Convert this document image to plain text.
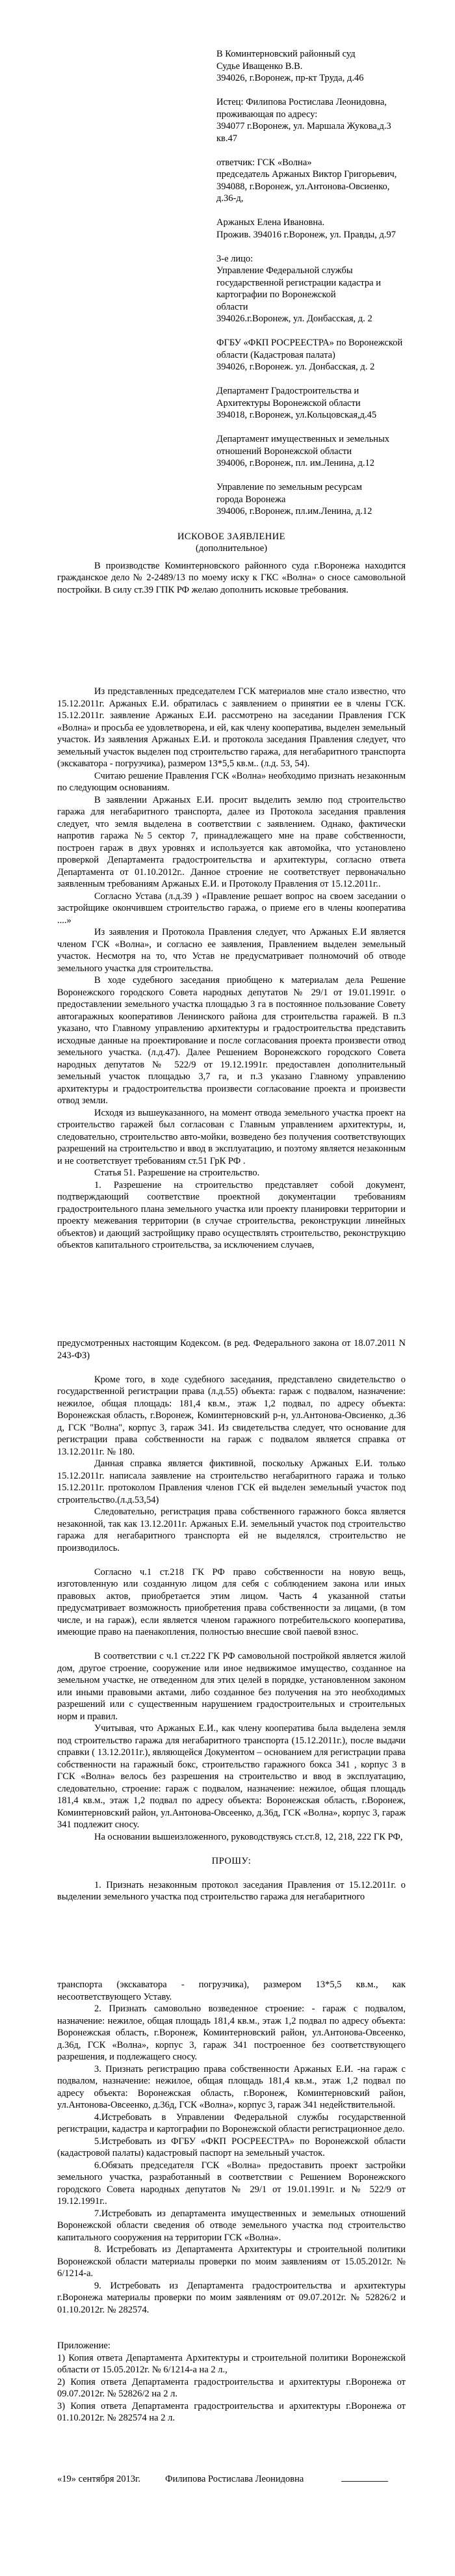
В Коминтерновский районный суд
Судье Иващенко В.В.
394026, г.Воронеж, пр-кт Труда, д.46
Истец: Филипова Ростислава Леонидовна,
проживающая по адресу:
394077 г.Воронеж, ул. Маршала Жукова,д.3
кв.47
ответчик: ГСК «Волна»
председатель Аржаных Виктор Григорьевич,
394088, г.Воронеж, ул.Антонова-Овсиенко,
д.36-д,
Аржаных Елена Ивановна.
Прожив. 394016 г.Воронеж, ул. Правды, д.97
3-е лицо:
Управление Федеральной службы
государственной регистрации кадастра и
картографии по Воронежской
области
394026.г.Воронеж, ул. Донбасская, д. 2
ФГБУ «ФКП РОСРЕЕСТРА» по Воронежской
области (Кадастровая палата)
394026, г.Воронеж. ул. Донбасская, д. 2
Департамент Градостроительства и
Архитектуры Воронежской области
394018, г.Воронеж, ул.Кольцовская,д.45
Департамент имущественных и земельных
отношений Воронежской области
394006, г.Воронеж, пл. им.Ленина, д.12
Управление по земельным ресурсам
города Воронежа
394006, г.Воронеж, пл.им.Ленина, д.12
ИСКОВОЕ ЗАЯВЛЕНИЕ
(дополнительное)

В производстве Коминтерновского районного суда г.Воронежа находится гражданское дело № 2-2489/13 по моему иску к ГКС «Волна» о сносе самовольной постройки. В силу ст.39 ГПК РФ желаю дополнить исковые требования.

Из представленных председателем ГСК материалов мне стало известно, что 15.12.2011г. Аржаных Е.И. обратилась с заявлением о принятии ее в члены ГСК. 15.12.2011г. заявление Аржаных Е.И. рассмотрено на заседании Правления ГСК «Волна» и просьба ее удовлетворена, и ей, как члену кооператива, выделен земельный участок. Из заявления Аржаных Е.И. и протокола заседания Правления следует, что земельный участок выделен под строительство гаража, для негабаритного транспорта (экскаватора - погрузчика), размером 13*5,5 кв.м.. (л.д. 53, 54).

Считаю решение Правления ГСК «Волна» необходимо признать незаконным по следующим основаниям.

В заявлении Аржаных Е.И. просит выделить землю под строительство гаража для негабаритного транспорта, далее из Протокола заседания правления следует, что земля выделена в соответствии с заявлением. Однако, фактически напротив гаража №5 сектор 7, принадлежащего мне на праве собственности, построен гараж в двух уровнях и используется как автомойка, что установлено проверкой Департамента градостроительства и архитектуры, согласно ответа Департамента от 01.10.2012г.. Данное строение не соответствует первоначально заявленным требованиям Аржаных Е.И. и Протоколу Правления от 15.12.2011г..

Согласно Устава (л.д.39 ) «Правление решает вопрос на своем заседании о застройщике окончившем строительство гаража, о приеме его в члены кооператива ....»

Из заявления и Протокола Правления следует, что Аржаных Е.И является членом ГСК «Волна», и согласно ее заявления, Правлением выделен земельный участок. Несмотря на то, что Устав не предусматривает полномочий об отводе земельного участка для строительства.

В ходе судебного заседания приобщено к материалам дела Решение Воронежского городского Совета народных депутатов № 29/1 от 19.01.1991г. о предоставлении земельного участка площадью 3 га в постоянное пользование Совету автогаражных кооперативов Ленинского района для строительства гаражей. В п.3 указано, что Главному управлению архитектуры и градостроительства представить исходные данные на проектирование и после согласования проекта произвести отвод земельного участка. (л.д.47). Далее Решением Воронежского городского Совета народных депутатов № 522/9 от 19.12.1991г. предоставлен дополнительный земельный участок площадью 3,7 га, и п.3 указано Главному управлению архитектуры и градостроительства произвести согласование проекта и произвести отвод земли.

Исходя из вышеуказанного, на момент отвода земельного участка проект на строительство гаражей был согласован с Главным управлением архитектуры, и, следовательно, строительство авто-мойки, возведено без получения соответствующих разрешений на строительство и ввод в эксплуатацию, и поэтому является незаконным и не соответствует требованиям ст.51 ГрК РФ .

Статья 51. Разрешение на строительство.

1. Разрешение на строительство представляет собой документ, подтверждающий соответствие проектной документации требованиям градостроительного плана земельного участка или проекту планировки территории и проекту межевания территории (в случае строительства, реконструкции линейных объектов) и дающий застройщику право осуществлять строительство, реконструкцию объектов капитального строительства, за исключением случаев,

предусмотренных настоящим Кодексом. (в ред. Федерального закона от 18.07.2011 N 243-ФЗ)

Кроме того, в ходе судебного заседания, представлено свидетельство о государственной регистрации права (л.д.55) объекта: гараж с подвалом, назначение: нежилое, общая площадь: 181,4 кв.м., этаж 1,2 подвал, по адресу объекта: Воронежская область, г.Воронеж, Коминтерновский р-н, ул.Антонова-Овсиенко, д.36 д, ГСК "Волна", корпус 3, гараж 341. Из свидетельства следует, что основание для регистрации права собственности на гараж с подвалом является справка от 13.12.2011г. № 180.

Данная справка является фиктивной, поскольку Аржаных Е.И. только 15.12.2011г. написала заявление на строительство негабаритного гаража и только 15.12.2011г. протоколом Правления членов ГСК ей выделен земельный участок под строительство.(л.д.53,54)

Следовательно, регистрация права собственного гаражного бокса является незаконной, так как 13.12.2011г. Аржаных Е.И. земельный участок под строительство гаража для негабаритного транспорта ей не выделялся, строительство не производилось.

Согласно ч.1 ст.218 ГК РФ право собственности на новую вещь, изготовленную или созданную лицом для себя с соблюдением закона или иных правовых актов, приобретается этим лицом. Часть 4 указанной статьи предусматривает возможность приобретения права собственности за лицами, (в том числе, и на гараж), если является членом гаражного потребительского кооператива, имеющие право на паенакопления, полностью внесшие свой паевой взнос.

В соответствии с ч.1 ст.222 ГК РФ самовольной постройкой является жилой дом, другое строение, сооружение или иное недвижимое имущество, созданное на земельном участке, не отведенном для этих целей в порядке, установленном законом или иными правовыми актами, либо созданное без получения на это необходимых разрешений или с существенным нарушением градостроительных и строительных норм и правил.

Учитывая, что Аржаных Е.И., как члену кооператива была выделена земля под строительство гаража для негабаритного транспорта (15.12.2011г.), после выдачи справки ( 13.12.2011г.), являющейся Документом – основанием для регистрации права собственности на гаражный бокс, строительство гаражного бокса 341 , корпус 3 в ГСК «Волна» велось без разрешения на строительство и ввод в эксплуатацию, следовательно, строение: гараж с подвалом, назначение: нежилое, общая площадь 181,4 кв.м., этаж 1,2 подвал по адресу объекта: Воронежская область, г.Воронеж, Коминтерновский район, ул.Антонова-Овсеенко, д.36д, ГСК «Волна», корпус 3, гараж 341 подлежит сносу.

На основании вышеизложенного, руководствуясь ст.ст.8, 12, 218, 222 ГК РФ,

ПРОШУ:

1. Признать незаконным протокол заседания Правления от 15.12.2011г. о выделении земельного участка под строительство гаража для негабаритного

транспорта (экскаватора - погрузчика), размером 13*5,5 кв.м., как несоответствующего Уставу.

2. Признать самовольно возведенное строение: - гараж с подвалом, назначение: нежилое, общая площадь 181,4 кв.м., этаж 1,2 подвал по адресу объекта: Воронежская область, г.Воронеж, Коминтерновский район, ул.Антонова-Овсеенко, д.36д, ГСК «Волна», корпус 3, гараж 341 построенное без соответствующего разрешения, и подлежащего сносу.

3. Признать регистрацию права собственности Аржаных Е.И. -на гараж с подвалом, назначение: нежилое, общая площадь 181,4 кв.м., этаж 1,2 подвал по адресу объекта: Воронежская область, г.Воронеж, Коминтерновский район, ул.Антонова-Овсеенко, д.36д, ГСК «Волна», корпус 3, гараж 341 недействительной.

4.Истребовать в Управлении Федеральной службы государственной регистрации, кадастра и картографии по Воронежской области регистрационное дело.

5.Истребовать из ФГБУ «ФКП РОСРЕЕСТРА» по Воронежской области (кадастровой палаты) кадастровый паспорт на земельный участок.

6.Обязать председателя ГСК «Волна» предоставить проект застройки земельного участка, разработанный в соответствии с Решением Воронежского городского Совета народных депутатов № 29/1 от 19.01.1991г. и № 522/9 от 19.12.1991г..

7.Истребовать из департамента имущественных и земельных отношений Воронежской области сведения об отводе земельного участка под строительство капитального сооружения на территории ГСК «Волна».

8. Истребовать из Департамента Архитектуры и строительной политики Воронежской области материалы проверки по моим заявлениям от 15.05.2012г. № 6/1214-а.

9. Истребовать из Департамента градостроительства и архитектуры г.Воронежа материалы проверки по моим заявлениям от 09.07.2012г. № 52826/2 и 01.10.2012г. № 282574.

Приложение:

1) Копия ответа Департамента Архитектуры и строительной политики Воронежской области от 15.05.2012г. № 6/1214-а на 2 л.,

2) Копия ответа Департамента градостроительства и архитектуры г.Воронежа от 09.07.2012г. № 52826/2 на 2 л.

3) Копия ответа Департамента градостроительства и архитектуры г.Воронежа от 01.10.2012г. № 282574 на 2 л.

«19» сентября 2013г.	Филипова Ростислава Леонидовна
